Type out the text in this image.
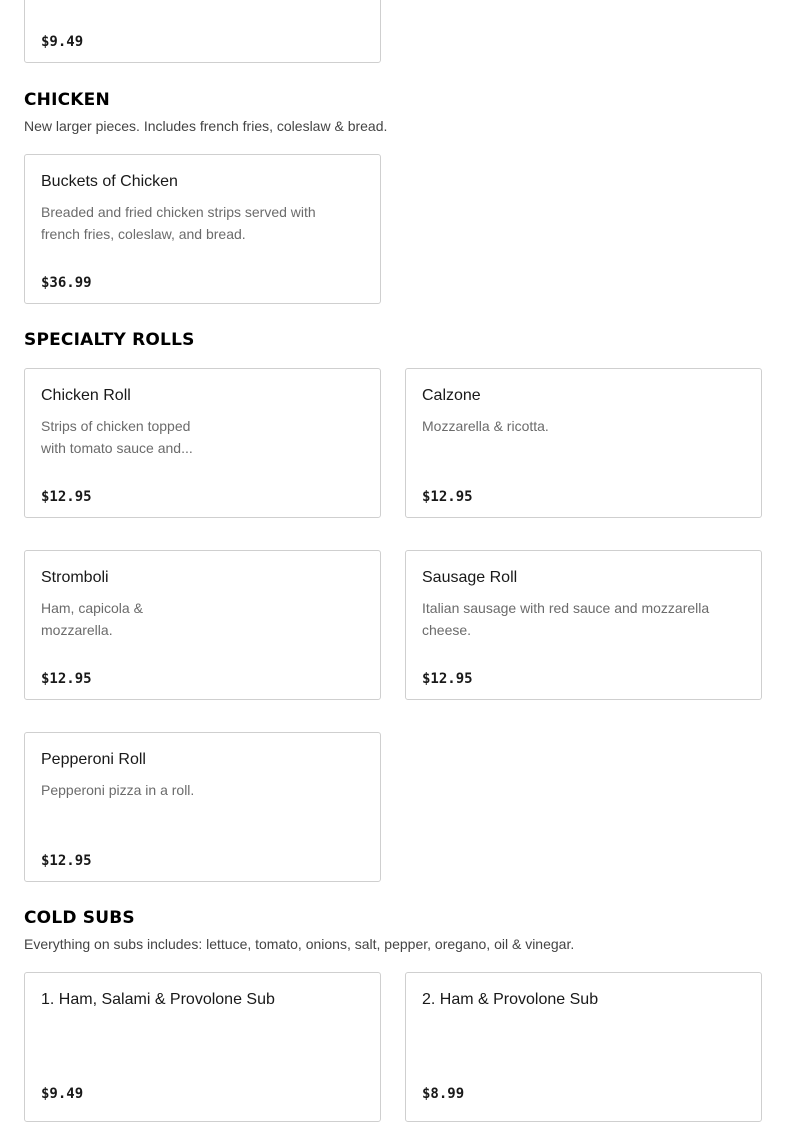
$9.49
CHICKEN
New larger pieces. Includes french fries, coleslaw & bread.
Buckets of Chicken
Breaded and fried chicken strips served with french fries, coleslaw, and bread.
$36.99
SPECIALTY ROLLS
Chicken Roll
Strips of chicken topped with tomato sauce and...
$12.95
Calzone
Mozzarella & ricotta.
$12.95
Stromboli
Ham, capicola & mozzarella.
$12.95
Sausage Roll
Italian sausage with red sauce and mozzarella cheese.
$12.95
Pepperoni Roll
Pepperoni pizza in a roll.
$12.95
COLD SUBS
Everything on subs includes: lettuce, tomato, onions, salt, pepper, oregano, oil & vinegar.
1. Ham, Salami & Provolone Sub
$9.49
2. Ham & Provolone Sub
$8.99
